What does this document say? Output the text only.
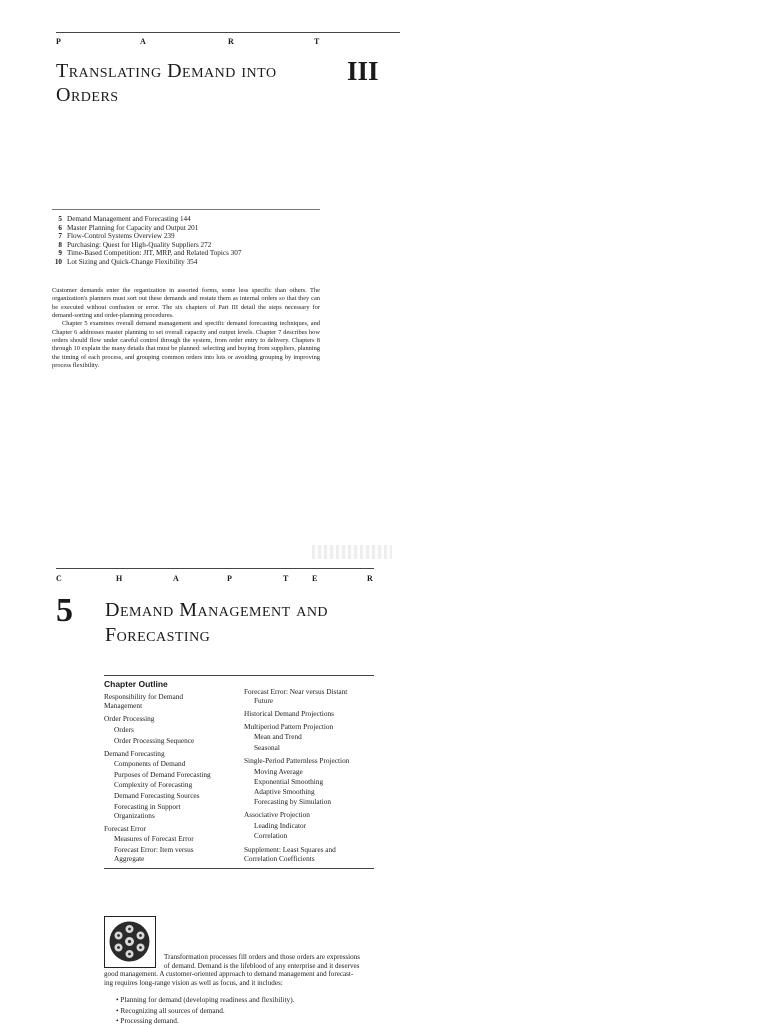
P	A	R	T
Translating Demand into
Orders
III
5 Demand Management and Forecasting 144
6 Master Planning for Capacity and Output 201
7 Flow-Control Systems Overview 239
8 Purchasing: Quest for High-Quality Suppliers 272
9 Time-Based Competition: JIT, MRP, and Related Topics 307
10 Lot Sizing and Quick-Change Flexibility 354

Customer demands enter the organization in assorted forms, some less specific than others. The organization's planners must sort out these demands and restate them as internal orders so that they can be executed without confusion or error. The six chapters of Part III detail the steps necessary for demand-sorting and order-planning procedures.

Chapter 5 examines overall demand management and specific demand forecasting techniques, and Chapter 6 addresses master planning to set overall capacity and output levels. Chapter 7 describes how orders should flow under careful control through the system, from order entry to delivery. Chapters 8 through 10 explain the many details that must be planned: selecting and buying from suppliers, planning the timing of each process, and grouping common orders into lots or avoiding grouping by improving process flexibility.

C	H	A	P	T	E	R
5 Demand Management and
Forecasting
Chapter Outline
Responsibility for Demand
Management
Order Processing
Orders
Order Processing Sequence
Demand Forecasting
Components of Demand
Purposes of Demand Forecasting
Complexity of Forecasting
Demand Forecasting Sources
Forecasting in Support
Organizations
Forecast Error
Measures of Forecast Error
Forecast Error: Item versus
Aggregate
Forecast Error: Near versus Distant
Future
Historical Demand Projections
Multiperiod Pattern Projection
Mean and Trend
Seasonal
Single-Period Patternless Projection
Moving Average
Exponential Smoothing
Adaptive Smoothing
Forecasting by Simulation
Associative Projection
Leading Indicator
Correlation
Supplement: Least Squares and
Correlation Coefficients
Transformation processes fill orders and those orders are expressions
of demand. Demand is the lifeblood of any enterprise and it deserves
good management. A customer-oriented approach to demand management and forecast-
ing requires long-range vision as well as focus, and it includes:
• Planning for demand (developing readiness and flexibility).
• Recognizing all sources of demand.
• Processing demand.
